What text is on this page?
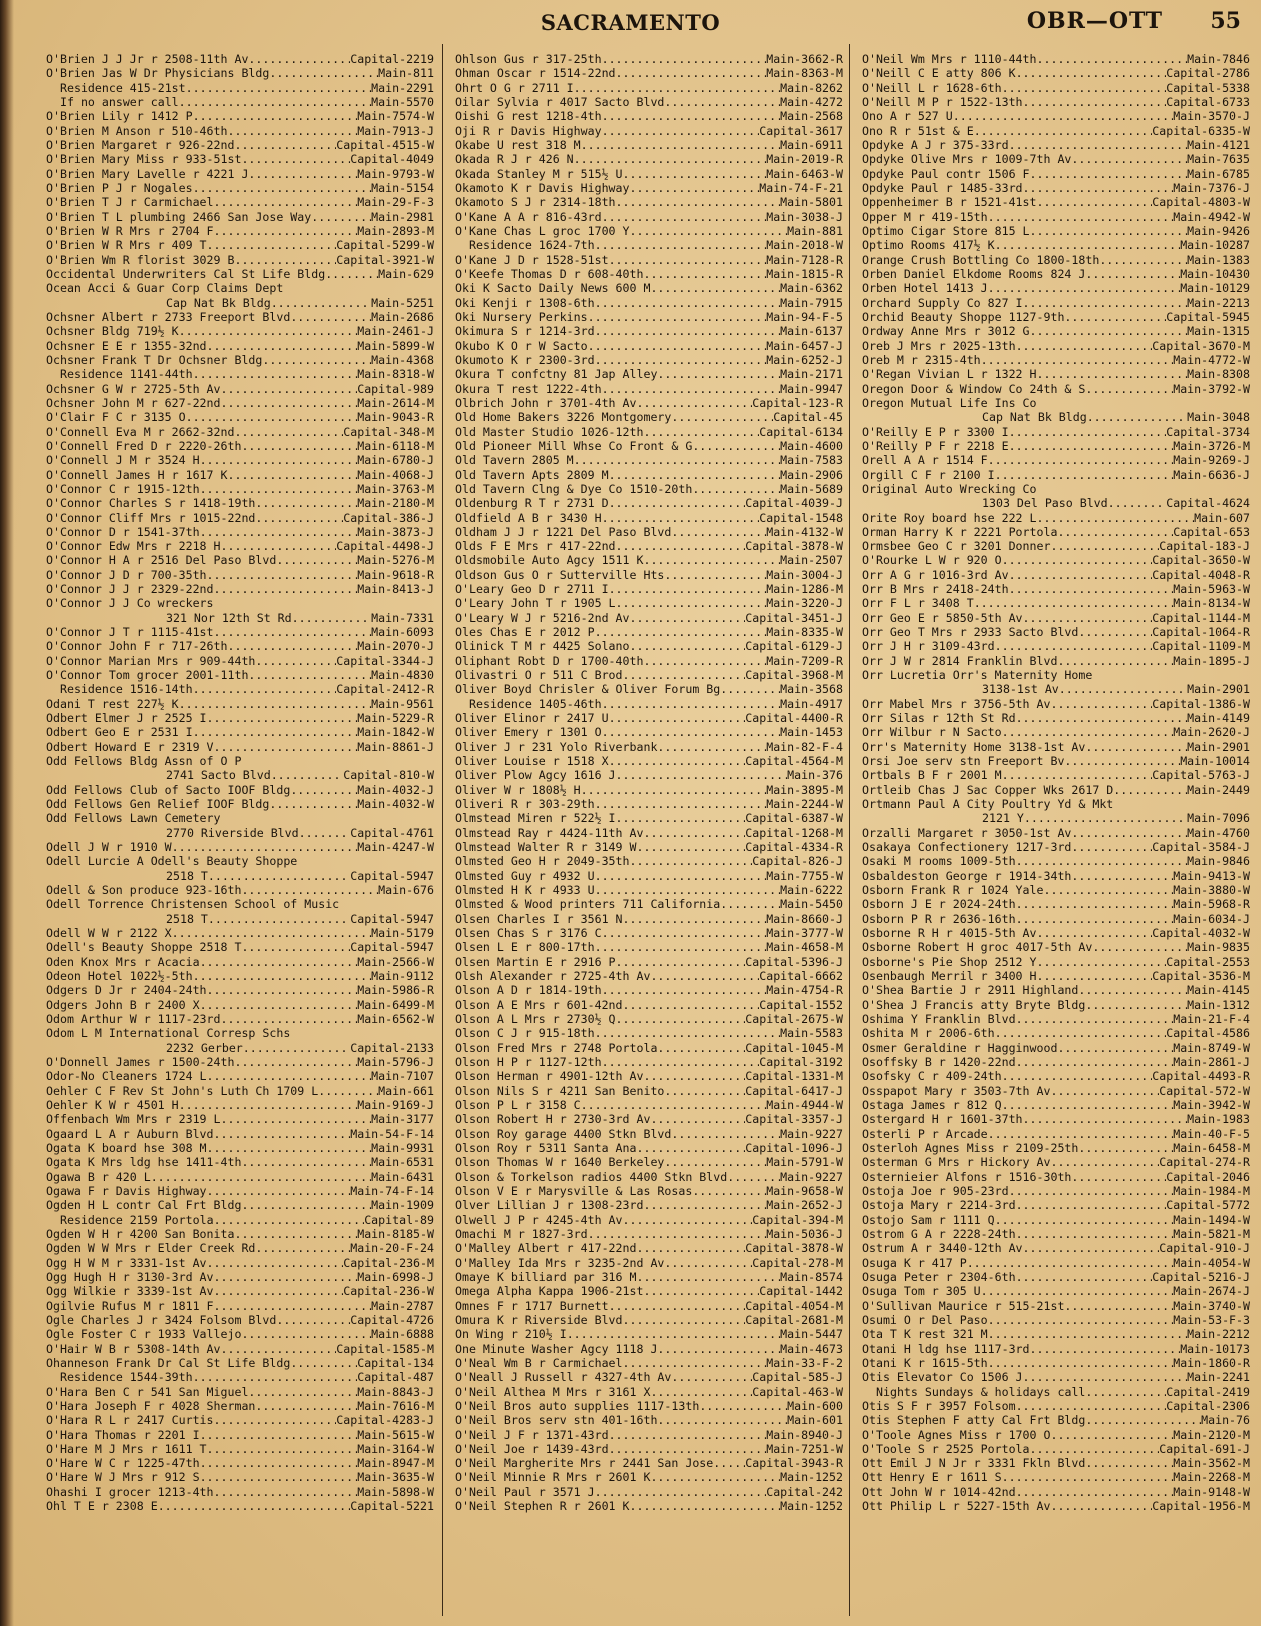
SACRAMENTO	OBR—OTT 55
O'Brien J J Jr r 2508-11th Av .....	Capital-2219
O'Brien Jas W Dr Physicians Bldg .....	Main-811
Residence 415-21st .....	Main-2291
If no answer call .....	Main-5570
O'Brien Lily r 1412 P .....	Main-7574-W
O'Brien M Anson r 510-46th .....	Main-7913-J
O'Brien Margaret r 926-22nd .....	Capital-4515-W
O'Brien Mary Miss r 933-51st .....	Capital-4049
O'Brien Mary Lavelle r 4221 J .....	Main-9793-W
O'Brien P J r Nogales .....	Main-5154
O'Brien T J r Carmichael .....	Main-29-F-3
O'Brien T L plumbing 2466 San Jose Way .....	Main-2981
O'Brien W R Mrs r 2704 F .....	Main-2893-M
O'Brien W R Mrs r 409 T .....	Capital-5299-W
O'Brien Wm R florist 3029 B .....	Capital-3921-W
Occidental Underwriters Cal St Life Bldg .....	Main-629
Ocean Acci & Guar Corp Claims Dept
Cap Nat Bk Bldg .....	Main-5251
Ochsner Albert r 2733 Freeport Blvd .....	Main-2686
Ochsner Bldg 719½ K .....	Main-2461-J
Ochsner E E r 1355-32nd .....	Main-5899-W
Ochsner Frank T Dr Ochsner Bldg .....	Main-4368
Residence 1141-44th .....	Main-8318-W
Ochsner G W r 2725-5th Av .....	Capital-989
Ochsner John M r 627-22nd .....	Main-2614-M
O'Clair F C r 3135 O .....	Main-9043-R
O'Connell Eva M r 2662-32nd .....	Capital-348-M
O'Connell Fred D r 2220-26th .....	Main-6118-M
O'Connell J M r 3524 H .....	Main-6780-J
O'Connell James H r 1617 K .....	Main-4068-J
O'Connor C r 1915-12th .....	Main-3763-M
O'Connor Charles S r 1418-19th .....	Main-2180-M
O'Connor Cliff Mrs r 1015-22nd .....	Capital-386-J
O'Connor D r 1541-37th .....	Main-3873-J
O'Connor Edw Mrs r 2218 H .....	Capital-4498-J
O'Connor H A r 2516 Del Paso Blvd .....	Main-5276-M
O'Connor J D r 700-35th .....	Main-9618-R
O'Connor J J r 2329-22nd .....	Main-8413-J
O'Connor J J Co wreckers
321 Nor 12th St Rd .....	Main-7331
O'Connor J T r 1115-41st .....	Main-6093
O'Connor John F r 717-26th .....	Main-2070-J
O'Connor Marian Mrs r 909-44th .....	Capital-3344-J
O'Connor Tom grocer 2001-11th .....	Main-4830
Residence 1516-14th .....	Capital-2412-R
Odani T rest 227½ K .....	Main-9561
Odbert Elmer J r 2525 I .....	Main-5229-R
Odbert Geo E r 2531 I .....	Main-1842-W
Odbert Howard E r 2319 V .....	Main-8861-J
Odd Fellows Bldg Assn of O P
2741 Sacto Blvd .....	Capital-810-W
Odd Fellows Club of Sacto IOOF Bldg .....	Main-4032-J
Odd Fellows Gen Relief IOOF Bldg .....	Main-4032-W
Odd Fellows Lawn Cemetery
2770 Riverside Blvd .....	Capital-4761
Odell J W r 1910 W .....	Main-4247-W
Odell Lurcie A Odell's Beauty Shoppe
2518 T .....	Capital-5947
Odell & Son produce 923-16th .....	Main-676
Odell Torrence Christensen School of Music
2518 T .....	Capital-5947
Odell W W r 2122 X .....	Main-5179
Odell's Beauty Shoppe 2518 T .....	Capital-5947
Oden Knox Mrs r Acacia .....	Main-2566-W
Odeon Hotel 1022½-5th .....	Main-9112
Odgers D Jr r 2404-24th .....	Main-5986-R
Odgers John B r 2400 X .....	Main-6499-M
Odom Arthur W r 1117-23rd .....	Main-6562-W
Odom L M International Corresp Schs
2232 Gerber .....	Capital-2133
O'Donnell James r 1500-24th .....	Main-5796-J
Odor-No Cleaners 1724 L .....	Main-7107
Oehler C F Rev St John's Luth Ch 1709 L .....	Main-661
Oehler K W r 4501 H .....	Main-9169-J
Offenbach Wm Mrs r 2319 L .....	Main-3177
Ogaard L A r Auburn Blvd .....	Main-54-F-14
Ogata K board hse 308 M .....	Main-9931
Ogata K Mrs ldg hse 1411-4th .....	Main-6531
Ogawa B r 420 L .....	Main-6431
Ogawa F r Davis Highway .....	Main-74-F-14
Ogden H L contr Cal Frt Bldg .....	Main-1909
Residence 2159 Portola .....	Capital-89
Ogden W H r 4200 San Bonita .....	Main-8185-W
Ogden W W Mrs r Elder Creek Rd .....	Main-20-F-24
Ogg H W M r 3331-1st Av .....	Capital-236-M
Ogg Hugh H r 3130-3rd Av .....	Main-6998-J
Ogg Wilkie r 3339-1st Av .....	Capital-236-W
Ogilvie Rufus M r 1811 F .....	Main-2787
Ogle Charles J r 3424 Folsom Blvd .....	Capital-4726
Ogle Foster C r 1933 Vallejo .....	Main-6888
O'Hair W B r 5308-14th Av .....	Capital-1585-M
Ohanneson Frank Dr Cal St Life Bldg .....	Capital-134
Residence 1544-39th .....	Capital-487
O'Hara Ben C r 541 San Miguel .....	Main-8843-J
O'Hara Joseph F r 4028 Sherman .....	Main-7616-M
O'Hara R L r 2417 Curtis .....	Capital-4283-J
O'Hara Thomas r 2201 I .....	Main-5615-W
O'Hare M J Mrs r 1611 T .....	Main-3164-W
O'Hare W C r 1225-47th .....	Main-8947-M
O'Hare W J Mrs r 912 S .....	Main-3635-W
Ohashi I grocer 1213-4th .....	Main-5898-W
Ohl T E r 2308 E .....	Capital-5221
Ohlson Gus r 317-25th .....	Main-3662-R
Ohman Oscar r 1514-22nd .....	Main-8363-M
Ohrt O G r 2711 I .....	Main-8262
Oilar Sylvia r 4017 Sacto Blvd .....	Main-4272
Oishi G rest 1218-4th .....	Main-2568
Oji R r Davis Highway .....	Capital-3617
Okabe U rest 318 M .....	Main-6911
Okada R J r 426 N .....	Main-2019-R
Okada Stanley M r 515½ U .....	Main-6463-W
Okamoto K r Davis Highway .....	Main-74-F-21
Okamoto S J r 2314-18th .....	Main-5801
O'Kane A A r 816-43rd .....	Main-3038-J
O'Kane Chas L groc 1700 Y .....	Main-881
Residence 1624-7th .....	Main-2018-W
O'Kane J D r 1528-51st .....	Main-7128-R
O'Keefe Thomas D r 608-40th .....	Main-1815-R
Oki K Sacto Daily News 600 M .....	Main-6362
Oki Kenji r 1308-6th .....	Main-7915
Oki Nursery Perkins .....	Main-94-F-5
Okimura S r 1214-3rd .....	Main-6137
Okubo K O r W Sacto .....	Main-6457-J
Okumoto K r 2300-3rd .....	Main-6252-J
Okura T confctny 81 Jap Alley .....	Main-2171
Okura T rest 1222-4th .....	Main-9947
Olbrich John r 3701-4th Av .....	Capital-123-R
Old Home Bakers 3226 Montgomery .....	Capital-45
Old Master Studio 1026-12th .....	Capital-6134
Old Pioneer Mill Whse Co Front & G .....	Main-4600
Old Tavern 2805 M .....	Main-7583
Old Tavern Apts 2809 M .....	Main-2906
Old Tavern Clng & Dye Co 1510-20th .....	Main-5689
Oldenburg R T r 2731 D .....	Capital-4039-J
Oldfield A B r 3430 H .....	Capital-1548
Oldham J J r 1221 Del Paso Blvd .....	Main-4132-W
Olds F E Mrs r 417-22nd .....	Capital-3878-W
Oldsmobile Auto Agcy 1511 K .....	Main-2507
Oldson Gus O r Sutterville Hts .....	Main-3004-J
O'Leary Geo D r 2711 I .....	Main-1286-M
O'Leary John T r 1905 L .....	Main-3220-J
O'Leary W J r 5216-2nd Av .....	Capital-3451-J
Oles Chas E r 2012 P .....	Main-8335-W
Olinick T M r 4425 Solano .....	Capital-6129-J
Oliphant Robt D r 1700-40th .....	Main-7209-R
Olivastri O r 511 C Brod .....	Capital-3968-M
Oliver Boyd Chrisler & Oliver Forum Bg .....	Main-3568
Residence 1405-46th .....	Main-4917
Oliver Elinor r 2417 U .....	Capital-4400-R
Oliver Emery r 1301 O .....	Main-1453
Oliver J r 231 Yolo Riverbank .....	Main-82-F-4
Oliver Louise r 1518 X .....	Capital-4564-M
Oliver Plow Agcy 1616 J .....	Main-376
Oliver W r 1808½ H .....	Main-3895-M
Oliveri R r 303-29th .....	Main-2244-W
Olmstead Miren r 522½ I .....	Capital-6387-W
Olmstead Ray r 4424-11th Av .....	Capital-1268-M
Olmstead Walter R r 3149 W .....	Capital-4334-R
Olmsted Geo H r 2049-35th .....	Capital-826-J
Olmsted Guy r 4932 U .....	Main-7755-W
Olmsted H K r 4933 U .....	Main-6222
Olmsted & Wood printers 711 California .....	Main-5450
Olsen Charles I r 3561 N .....	Main-8660-J
Olsen Chas S r 3176 C .....	Main-3777-W
Olsen L E r 800-17th .....	Main-4658-M
Olsen Martin E r 2916 P .....	Capital-5396-J
Olsh Alexander r 2725-4th Av .....	Capital-6662
Olson A D r 1814-19th .....	Main-4754-R
Olson A E Mrs r 601-42nd .....	Capital-1552
Olson A L Mrs r 2730½ Q .....	Capital-2675-W
Olson C J r 915-18th .....	Main-5583
Olson Fred Mrs r 2748 Portola .....	Capital-1045-M
Olson H P r 1127-12th .....	Capital-3192
Olson Herman r 4901-12th Av .....	Capital-1331-M
Olson Nils S r 4211 San Benito .....	Capital-6417-J
Olson P L r 3158 C .....	Main-4944-W
Olson Robert H r 2730-3rd Av .....	Capital-3357-J
Olson Roy garage 4400 Stkn Blvd .....	Main-9227
Olson Roy r 5311 Santa Ana .....	Capital-1096-J
Olson Thomas W r 1640 Berkeley .....	Main-5791-W
Olson & Torkelson radios 4400 Stkn Blvd .....	Main-9227
Olson V E r Marysville & Las Rosas .....	Main-9658-W
Olver Lillian J r 1308-23rd .....	Main-2652-J
Olwell J P r 4245-4th Av .....	Capital-394-M
Omachi M r 1827-3rd .....	Main-5036-J
O'Malley Albert r 417-22nd .....	Capital-3878-W
O'Malley Ida Mrs r 3235-2nd Av .....	Capital-278-M
Omaye K billiard par 316 M .....	Main-8574
Omega Alpha Kappa 1906-21st .....	Capital-1442
Omnes F r 1717 Burnett .....	Capital-4054-M
Omura K r Riverside Blvd .....	Capital-2681-M
On Wing r 210½ I .....	Main-5447
One Minute Washer Agcy 1118 J .....	Main-4673
O'Neal Wm B r Carmichael .....	Main-33-F-2
O'Neall J Russell r 4327-4th Av .....	Capital-585-J
O'Neil Althea M Mrs r 3161 X .....	Capital-463-W
O'Neil Bros auto supplies 1117-13th .....	Main-600
O'Neil Bros serv stn 401-16th .....	Main-601
O'Neil J F r 1371-43rd .....	Main-8940-J
O'Neil Joe r 1439-43rd .....	Main-7251-W
O'Neil Margherite Mrs r 2441 San Jose .....	Capital-3943-R
O'Neil Minnie R Mrs r 2601 K .....	Main-1252
O'Neil Paul r 3571 J .....	Capital-242
O'Neil Stephen R r 2601 K .....	Main-1252
O'Neil Wm Mrs r 1110-44th .....	Main-7846
O'Neill C E atty 806 K .....	Capital-2786
O'Neill L r 1628-6th .....	Capital-5338
O'Neill M P r 1522-13th .....	Capital-6733
Ono A r 527 U .....	Main-3570-J
Ono R r 51st & E .....	Capital-6335-W
Opdyke A J r 375-33rd .....	Main-4121
Opdyke Olive Mrs r 1009-7th Av .....	Main-7635
Opdyke Paul contr 1506 F .....	Main-6785
Opdyke Paul r 1485-33rd .....	Main-7376-J
Oppenheimer B r 1521-41st .....	Capital-4803-W
Opper M r 419-15th .....	Main-4942-W
Optimo Cigar Store 815 L .....	Main-9426
Optimo Rooms 417½ K .....	Main-10287
Orange Crush Bottling Co 1800-18th .....	Main-1383
Orben Daniel Elkdome Rooms 824 J .....	Main-10430
Orben Hotel 1413 J .....	Main-10129
Orchard Supply Co 827 I .....	Main-2213
Orchid Beauty Shoppe 1127-9th .....	Capital-5945
Ordway Anne Mrs r 3012 G .....	Main-1315
Oreb J Mrs r 2025-13th .....	Capital-3670-M
Oreb M r 2315-4th .....	Main-4772-W
O'Regan Vivian L r 1322 H .....	Main-8308
Oregon Door & Window Co 24th & S .....	Main-3792-W
Oregon Mutual Life Ins Co
Cap Nat Bk Bldg .....	Main-3048
O'Reilly E P r 3300 I .....	Capital-3734
O'Reilly P F r 2218 E .....	Main-3726-M
Orell A A r 1514 F .....	Main-9269-J
Orgill C F r 2100 I .....	Main-6636-J
Original Auto Wrecking Co
1303 Del Paso Blvd .....	Capital-4624
Orite Roy board hse 222 L .....	Main-607
Orman Harry K r 2221 Portola .....	Capital-653
Ormsbee Geo C r 3201 Donner .....	Capital-183-J
O'Rourke L W r 920 O .....	Capital-3650-W
Orr A G r 1016-3rd Av .....	Capital-4048-R
Orr B Mrs r 2418-24th .....	Main-5963-W
Orr F L r 3408 T .....	Main-8134-W
Orr Geo E r 5850-5th Av .....	Capital-1144-M
Orr Geo T Mrs r 2933 Sacto Blvd .....	Capital-1064-R
Orr J H r 3109-43rd .....	Capital-1109-M
Orr J W r 2814 Franklin Blvd .....	Main-1895-J
Orr Lucretia Orr's Maternity Home
3138-1st Av .....	Main-2901
Orr Mabel Mrs r 3756-5th Av .....	Capital-1386-W
Orr Silas r 12th St Rd .....	Main-4149
Orr Wilbur r N Sacto .....	Main-2620-J
Orr's Maternity Home 3138-1st Av .....	Main-2901
Orsi Joe serv stn Freeport Bv .....	Main-10014
Ortbals B F r 2001 M .....	Capital-5763-J
Ortleib Chas J Sac Copper Wks 2617 D .....	Main-2449
Ortmann Paul A City Poultry Yd & Mkt
2121 Y .....	Main-7096
Orzalli Margaret r 3050-1st Av .....	Main-4760
Osakaya Confectionery 1217-3rd .....	Capital-3584-J
Osaki M rooms 1009-5th .....	Main-9846
Osbaldeston George r 1914-34th .....	Main-9413-W
Osborn Frank R r 1024 Yale .....	Main-3880-W
Osborn J E r 2024-24th .....	Main-5968-R
Osborn P R r 2636-16th .....	Main-6034-J
Osborne R H r 4015-5th Av .....	Capital-4032-W
Osborne Robert H groc 4017-5th Av .....	Main-9835
Osborne's Pie Shop 2512 Y .....	Capital-2553
Osenbaugh Merril r 3400 H .....	Capital-3536-M
O'Shea Bartie J r 2911 Highland .....	Main-4145
O'Shea J Francis atty Bryte Bldg .....	Main-1312
Oshima Y Franklin Blvd .....	Main-21-F-4
Oshita M r 2006-6th .....	Capital-4586
Osmer Geraldine r Hagginwood .....	Main-8749-W
Osoffsky B r 1420-22nd .....	Main-2861-J
Osofsky C r 409-24th .....	Capital-4493-R
Osspapot Mary r 3503-7th Av .....	Capital-572-W
Ostaga James r 812 Q .....	Main-3942-W
Ostergard H r 1601-37th .....	Main-1983
Osterli P r Arcade .....	Main-40-F-5
Osterloh Agnes Miss r 2109-25th .....	Main-6458-M
Osterman G Mrs r Hickory Av .....	Capital-274-R
Osternieier Alfons r 1516-30th .....	Capital-2046
Ostoja Joe r 905-23rd .....	Main-1984-M
Ostoja Mary r 2214-3rd .....	Capital-5772
Ostojo Sam r 1111 Q .....	Main-1494-W
Ostrom G A r 2228-24th .....	Main-5821-M
Ostrum A r 3440-12th Av .....	Capital-910-J
Osuga K r 417 P .....	Main-4054-W
Osuga Peter r 2304-6th .....	Capital-5216-J
Osuga Tom r 305 U .....	Main-2674-J
O'Sullivan Maurice r 515-21st .....	Main-3740-W
Osumi O r Del Paso .....	Main-53-F-3
Ota T K rest 321 M .....	Main-2212
Otani H ldg hse 1117-3rd .....	Main-10173
Otani K r 1615-5th .....	Main-1860-R
Otis Elevator Co 1506 J .....	Main-2241
Nights Sundays & holidays call .....	Capital-2419
Otis S F r 3957 Folsom .....	Capital-2306
Otis Stephen F atty Cal Frt Bldg .....	Main-76
O'Toole Agnes Miss r 1700 O .....	Main-2120-M
O'Toole S r 2525 Portola .....	Capital-691-J
Ott Emil J N Jr r 3331 Fkln Blvd .....	Main-3562-M
Ott Henry E r 1611 S .....	Main-2268-M
Ott John W r 1014-42nd .....	Main-9148-W
Ott Philip L r 5227-15th Av .....	Capital-1956-M
